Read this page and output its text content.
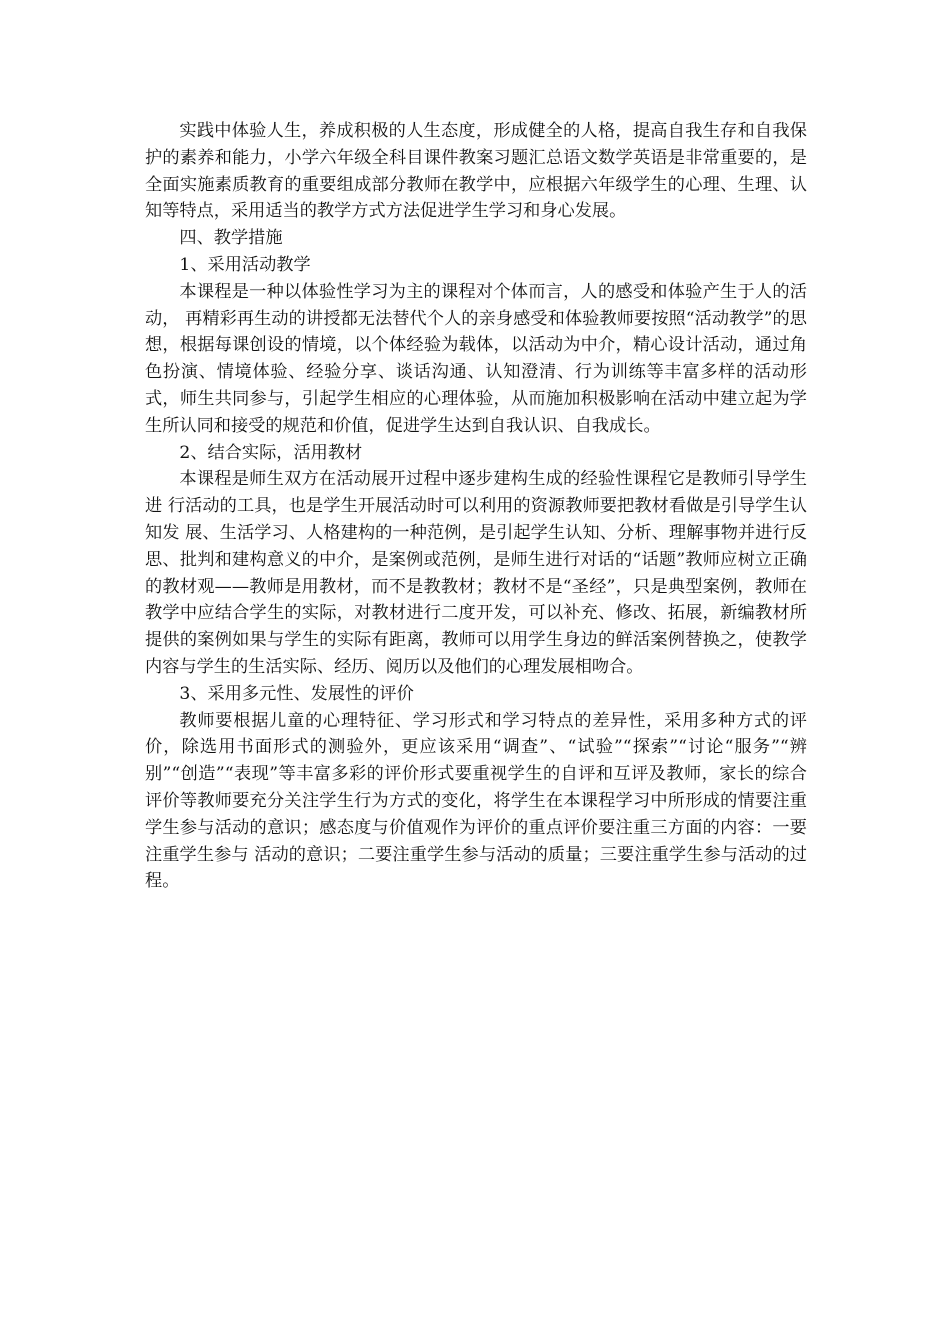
实践中体验人生，养成积极的人生态度，形成健全的人格，提高自我生存和自我保护的素养和能力，小学六年级全科目课件教案习题汇总语文数学英语是非常重要的，是全面实施素质教育的重要组成部分教师在教学中，应根据六年级学生的心理、生理、认知等特点，采用适当的教学方式方法促进学生学习和身心发展。

四、教学措施

1、采用活动教学

本课程是一种以体验性学习为主的课程对个体而言，人的感受和体验产生于人的活动， 再精彩再生动的讲授都无法替代个人的亲身感受和体验教师要按照“活动教学”的思想，根据每课创设的情境，以个体经验为载体，以活动为中介，精心设计活动，通过角色扮演、情境体验、经验分享、谈话沟通、认知澄清、行为训练等丰富多样的活动形式，师生共同参与，引起学生相应的心理体验，从而施加积极影响在活动中建立起为学生所认同和接受的规范和价值，促进学生达到自我认识、自我成长。

2、结合实际，活用教材

本课程是师生双方在活动展开过程中逐步建构生成的经验性课程它是教师引导学生进 行活动的工具，也是学生开展活动时可以利用的资源教师要把教材看做是引导学生认知发 展、生活学习、人格建构的一种范例，是引起学生认知、分析、理解事物并进行反思、批判和建构意义的中介，是案例或范例，是师生进行对话的“话题”教师应树立正确的教材观——教师是用教材，而不是教教材；教材不是“圣经”，只是典型案例，教师在教学中应结合学生的实际，对教材进行二度开发，可以补充、修改、拓展，新编教材所提供的案例如果与学生的实际有距离，教师可以用学生身边的鲜活案例替换之，使教学内容与学生的生活实际、经历、阅历以及他们的心理发展相吻合。

3、采用多元性、发展性的评价

教师要根据儿童的心理特征、学习形式和学习特点的差异性，采用多种方式的评价，除选用书面形式的测验外，更应该采用“调查”、“试验”“探索”“讨论“服务”“辨别”“创造”“表现”等丰富多彩的评价形式要重视学生的自评和互评及教师，家长的综合评价等教师要充分关注学生行为方式的变化，将学生在本课程学习中所形成的情要注重学生参与活动的意识；感态度与价值观作为评价的重点评价要注重三方面的内容：一要注重学生参与 活动的意识；二要注重学生参与活动的质量；三要注重学生参与活动的过程。
